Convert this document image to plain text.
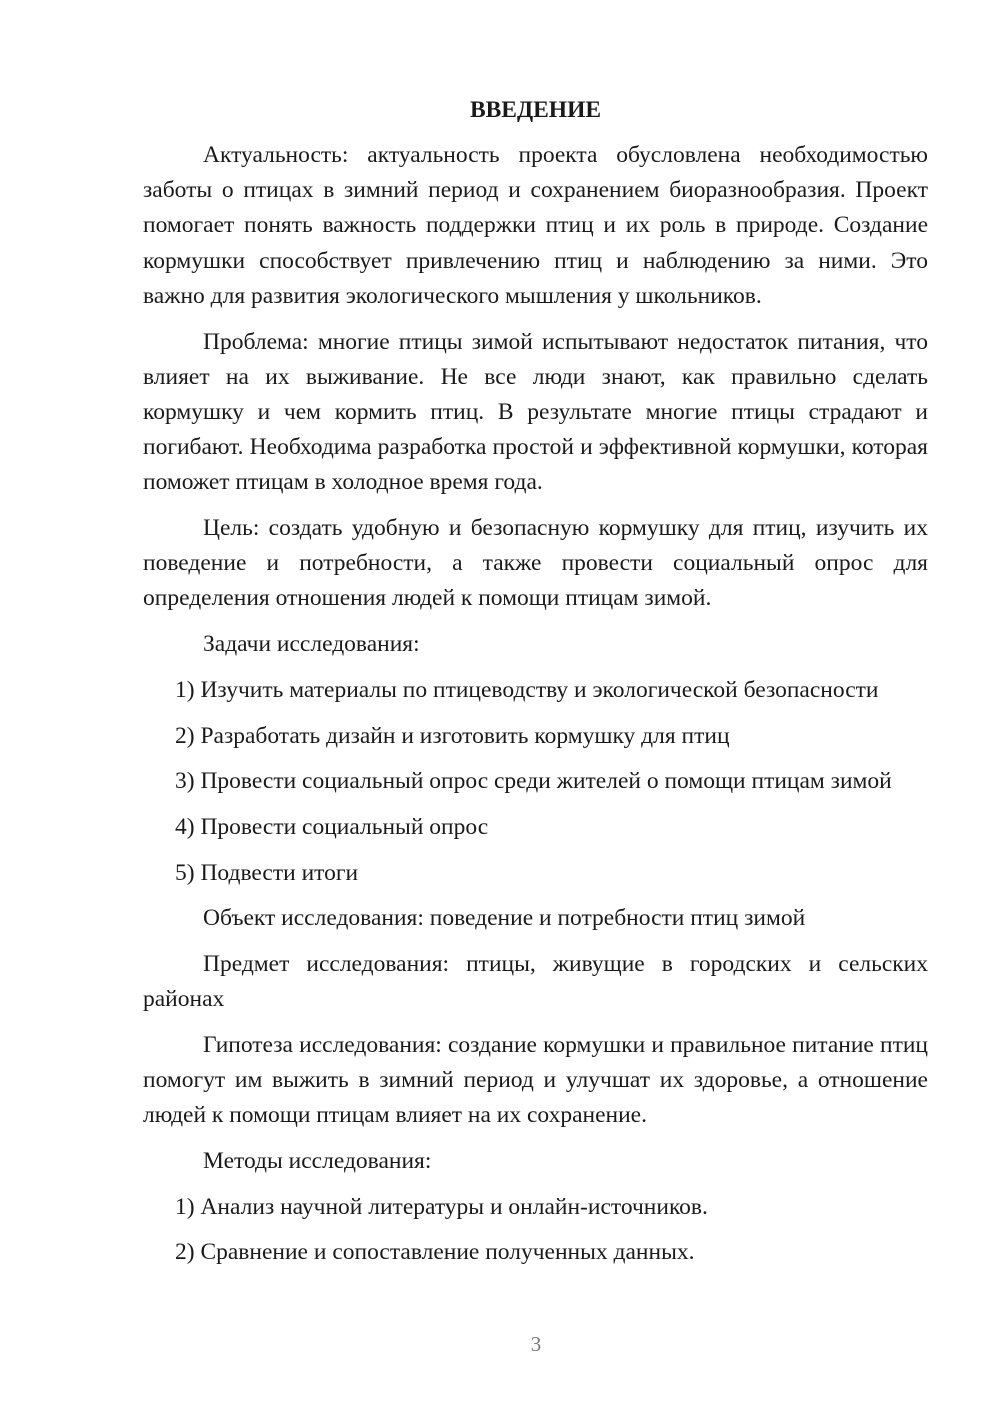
ВВЕДЕНИЕ

Актуальность: актуальность проекта обусловлена необходимостью заботы о птицах в зимний период и сохранением биоразнообразия. Проект помогает понять важность поддержки птиц и их роль в природе. Создание кормушки способствует привлечению птиц и наблюдению за ними. Это важно для развития экологического мышления у школьников.

Проблема: многие птицы зимой испытывают недостаток питания, что влияет на их выживание. Не все люди знают, как правильно сделать кормушку и чем кормить птиц. В результате многие птицы страдают и погибают. Необходима разработка простой и эффективной кормушки, которая поможет птицам в холодное время года.

Цель: создать удобную и безопасную кормушку для птиц, изучить их поведение и потребности, а также провести социальный опрос для определения отношения людей к помощи птицам зимой.

Задачи исследования:

1) Изучить материалы по птицеводству и экологической безопасности

2) Разработать дизайн и изготовить кормушку для птиц

3) Провести социальный опрос среди жителей о помощи птицам зимой

4) Провести социальный опрос

5) Подвести итоги

Объект исследования: поведение и потребности птиц зимой

Предмет исследования: птицы, живущие в городских и сельских районах

Гипотеза исследования: создание кормушки и правильное питание птиц помогут им выжить в зимний период и улучшат их здоровье, а отношение людей к помощи птицам влияет на их сохранение.

Методы исследования:

1) Анализ научной литературы и онлайн-источников.

2) Сравнение и сопоставление полученных данных.

3
